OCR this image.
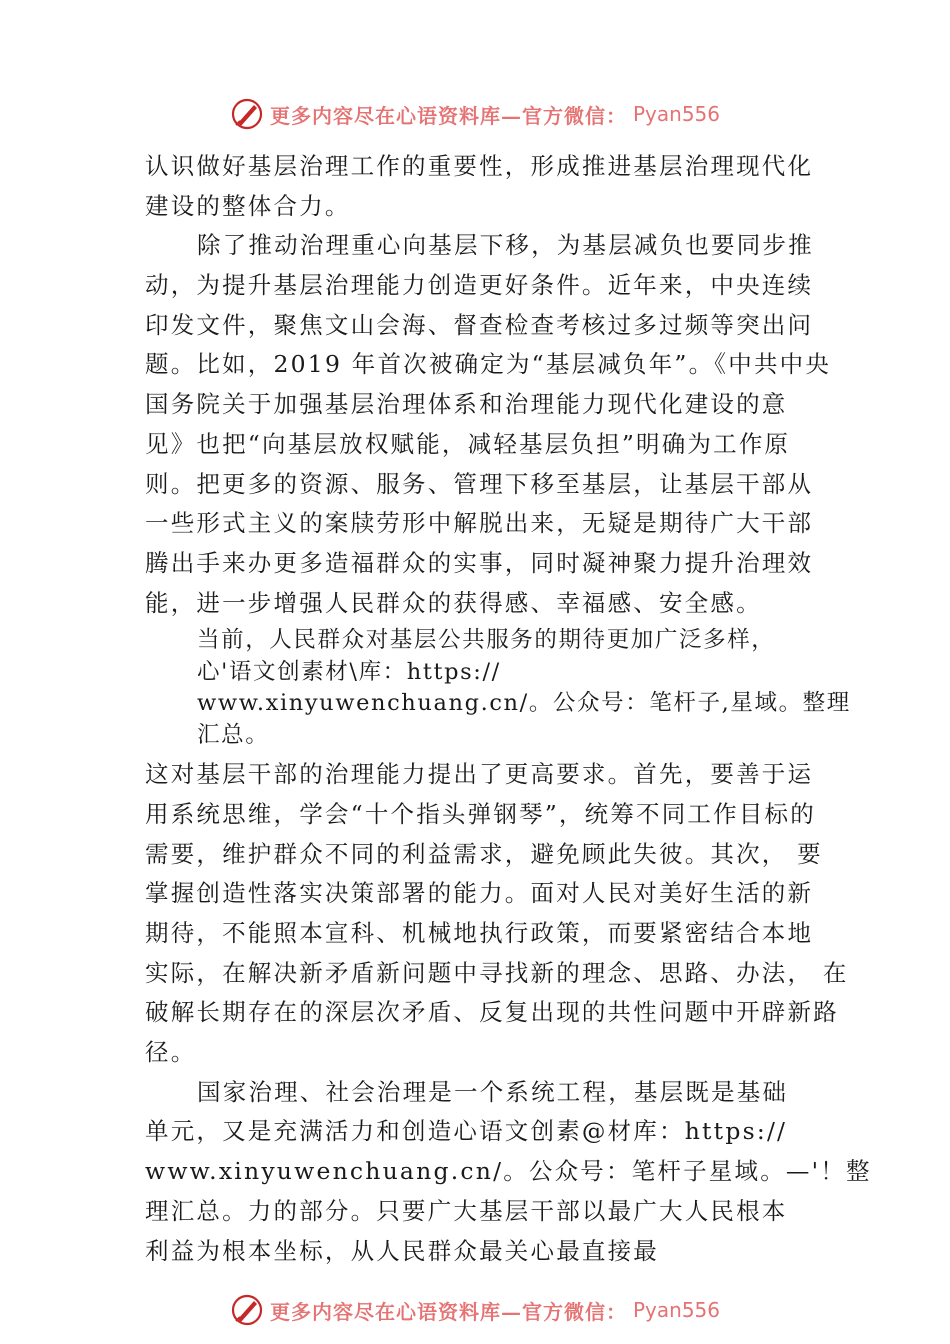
更多内容尽在心语资料库—官方微信： Pyan556
认识做好基层治理工作的重要性，形成推进基层治理现代化
建设的整体合力。
除了推动治理重心向基层下移，为基层减负也要同步推
动，为提升基层治理能力创造更好条件。近年来，中央连续
印发文件，聚焦文山会海、督查检查考核过多过频等突出问
题。比如，2019 年首次被确定为“基层减负年”。《中共中央
国务院关于加强基层治理体系和治理能力现代化建设的意
见》也把“向基层放权赋能，减轻基层负担”明确为工作原
则。把更多的资源、服务、管理下移至基层，让基层干部从
一些形式主义的案牍劳形中解脱出来，无疑是期待广大干部
腾出手来办更多造福群众的实事，同时凝神聚力提升治理效
能，进一步增强人民群众的获得感、幸福感、安全感。
当前，人民群众对基层公共服务的期待更加广泛多样，
心'语文创素材\库：https://
www.xinyuwenchuang.cn/。公众号：笔杆子,星域。整理
汇总。
这对基层干部的治理能力提出了更高要求。首先，要善于运
用系统思维，学会“十个指头弹钢琴”，统筹不同工作目标的
需要，维护群众不同的利益需求，避免顾此失彼。其次， 要
掌握创造性落实决策部署的能力。面对人民对美好生活的新
期待，不能照本宣科、机械地执行政策，而要紧密结合本地
实际，在解决新矛盾新问题中寻找新的理念、思路、办法， 在
破解长期存在的深层次矛盾、反复出现的共性问题中开辟新路
径。
国家治理、社会治理是一个系统工程，基层既是基础
单元，又是充满活力和创造心语文创素@材库：https://
www.xinyuwenchuang.cn/。公众号：笔杆子星域。—'！整
理汇总。力的部分。只要广大基层干部以最广大人民根本
利益为根本坐标，从人民群众最关心最直接最
更多内容尽在心语资料库—官方微信： Pyan556
